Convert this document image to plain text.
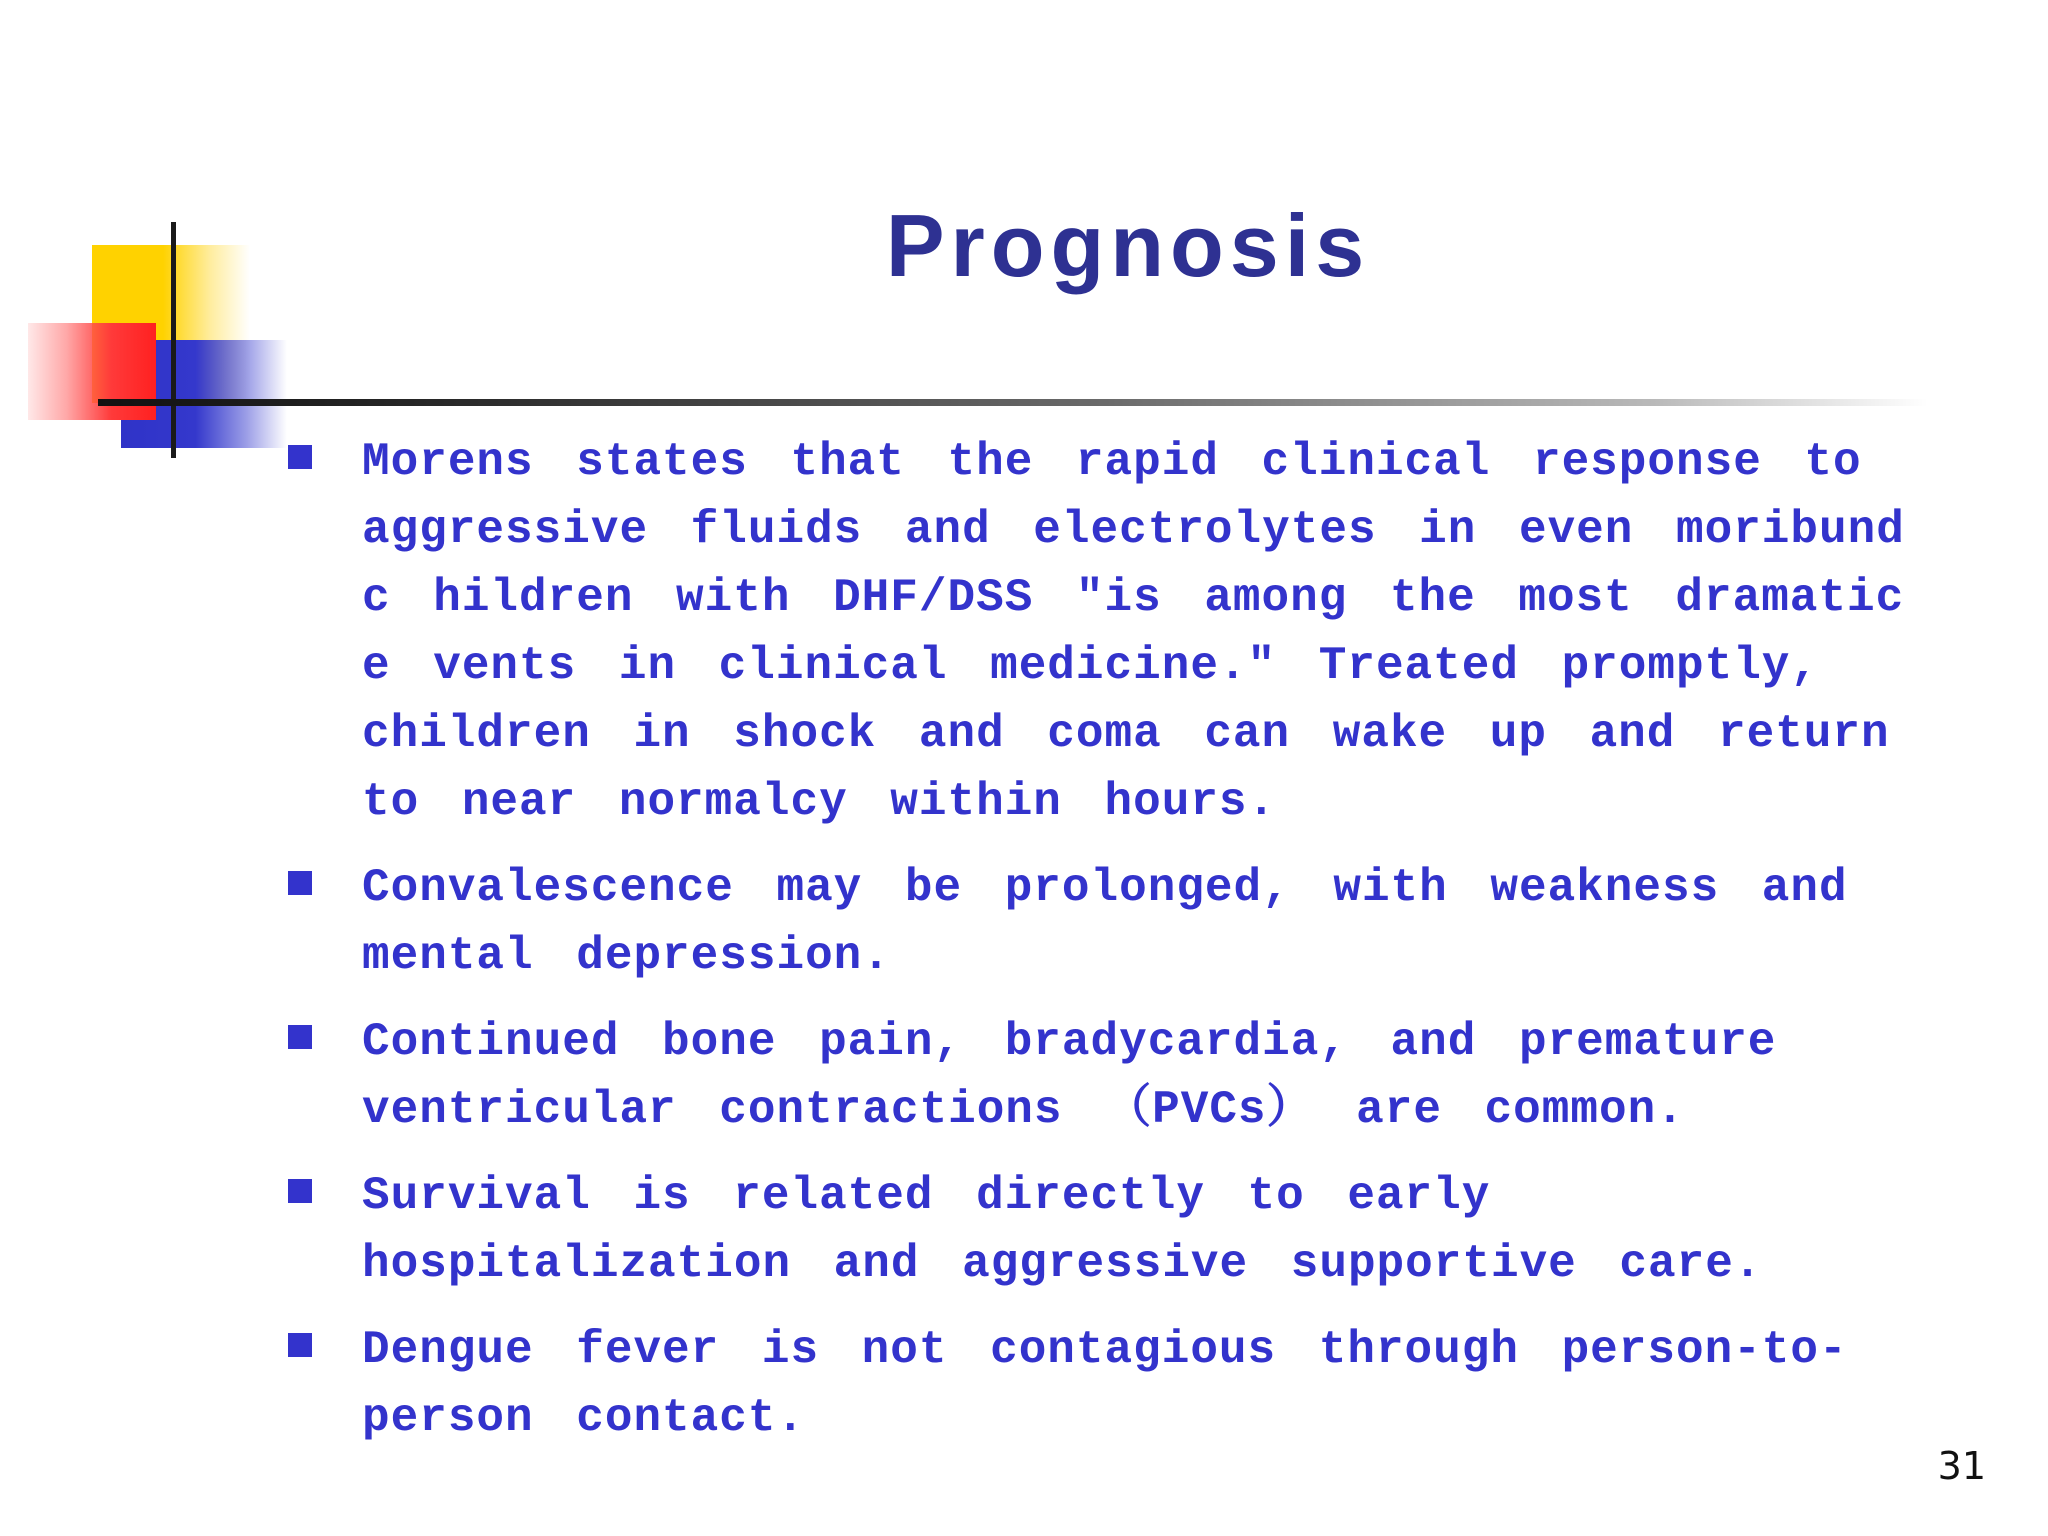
Prognosis
Morens states that the rapid clinical response to aggressive fluids and electrolytes in even moribund c hildren with DHF/DSS "is among the most dramatic e vents in clinical medicine." Treated promptly, children in shock and coma can wake up and return to near normalcy within hours.
Convalescence may be prolonged, with weakness and mental depression.
Continued bone pain, bradycardia, and premature ventricular contractions （PVCs） are common.
Survival is related directly to early hospitalization and aggressive supportive care.
Dengue fever is not contagious through person-to-person contact.
31
